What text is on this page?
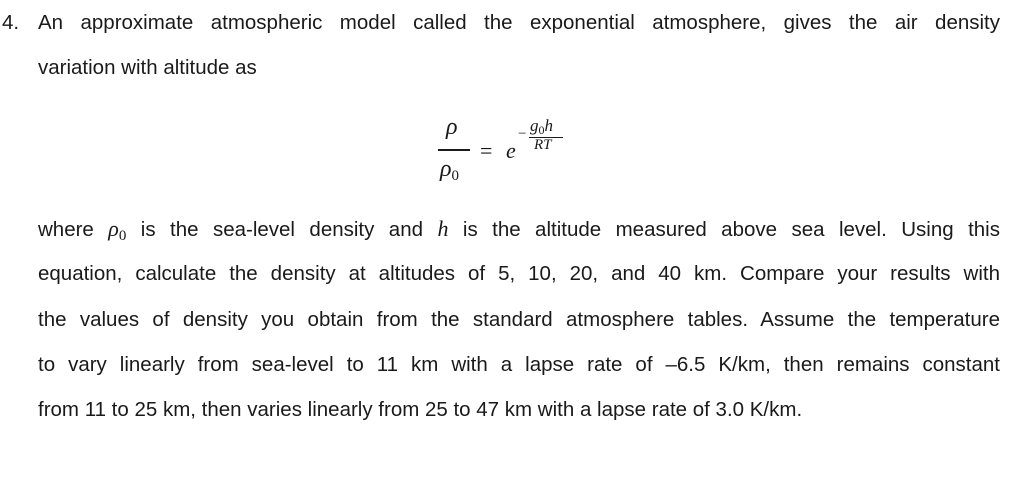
4. An approximate atmospheric model called the exponential atmosphere, gives the air density
variation with altitude as
ρ
ρ0
= e
− g0h
RT
where ρ0 is the sea-level density and h is the altitude measured above sea level. Using this
equation, calculate the density at altitudes of 5, 10, 20, and 40 km. Compare your results with
the values of density you obtain from the standard atmosphere tables. Assume the temperature
to vary linearly from sea-level to 11 km with a lapse rate of –6.5 K/km, then remains constant
from 11 to 25 km, then varies linearly from 25 to 47 km with a lapse rate of 3.0 K/km.
